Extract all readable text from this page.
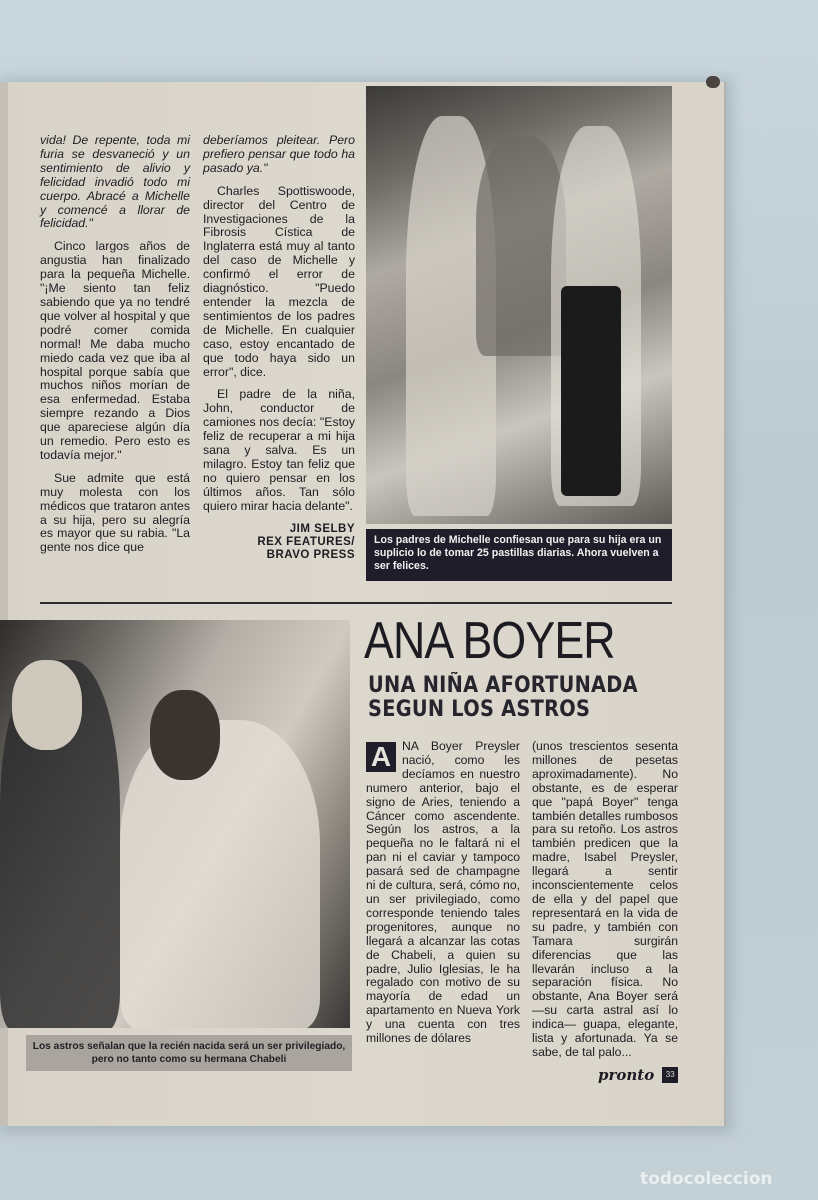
vida! De repente, toda mi furia se desvaneció y un sentimiento de alivio y felicidad invadió todo mi cuerpo. Abracé a Michelle y comencé a llorar de felicidad."

Cinco largos años de angustia han finalizado para la pequeña Michelle. "¡Me siento tan feliz sabiendo que ya no tendré que volver al hospital y que podré comer comida normal! Me daba mucho miedo cada vez que iba al hospital porque sabía que muchos niños morían de esa enfermedad. Estaba siempre rezando a Dios que apareciese algún día un remedio. Pero esto es todavía mejor."

Sue admite que está muy molesta con los médicos que trataron antes a su hija, pero su alegría es mayor que su rabia. "La gente nos dice que

deberíamos pleitear. Pero prefiero pensar que todo ha pasado ya."

Charles Spottiswoode, director del Centro de Investigaciones de la Fibrosis Cística de Inglaterra está muy al tanto del caso de Michelle y confirmó el error de diagnóstico. "Puedo entender la mezcla de sentimientos de los padres de Michelle. En cualquier caso, estoy encantado de que todo haya sido un error", dice.

El padre de la niña, John, conductor de camiones nos decía: "Estoy feliz de recuperar a mi hija sana y salva. Es un milagro. Estoy tan feliz que no quiero pensar en los últimos años. Tan sólo quiero mirar hacia delante".

JIM SELBY
REX FEATURES/
BRAVO PRESS
Los padres de Michelle confiesan que para su hija era un suplicio lo de tomar 25 pastillas diarias. Ahora vuelven a ser felices.
Los astros señalan que la recién nacida será un ser privilegiado, pero no tanto como su hermana Chabeli
ANA BOYER
UNA NIÑA AFORTUNADA
SEGUN LOS ASTROS
A NA Boyer Preysler nació, como les decíamos en nuestro numero anterior, bajo el signo de Aries, teniendo a Cáncer como ascendente. Según los astros, a la pequeña no le faltará ni el pan ni el caviar y tampoco pasará sed de champagne ni de cultura, será, cómo no, un ser privilegiado, como corresponde teniendo tales progenitores, aunque no llegará a alcanzar las cotas de Chabeli, a quien su padre, Julio Iglesias, le ha regalado con motivo de su mayoría de edad un apartamento en Nueva York y una cuenta con tres millones de dólares
(unos trescientos sesenta millones de pesetas aproximadamente). No obstante, es de esperar que "papá Boyer" tenga también detalles rumbosos para su retoño. Los astros también predicen que la madre, Isabel Preysler, llegará a sentir inconscientemente celos de ella y del papel que representará en la vida de su padre, y también con Tamara surgirán diferencias que las llevarán incluso a la separación física. No obstante, Ana Boyer será —su carta astral así lo indica— guapa, elegante, lista y afortunada. Ya se sabe, de tal palo...
pronto	33
todocoleccion
